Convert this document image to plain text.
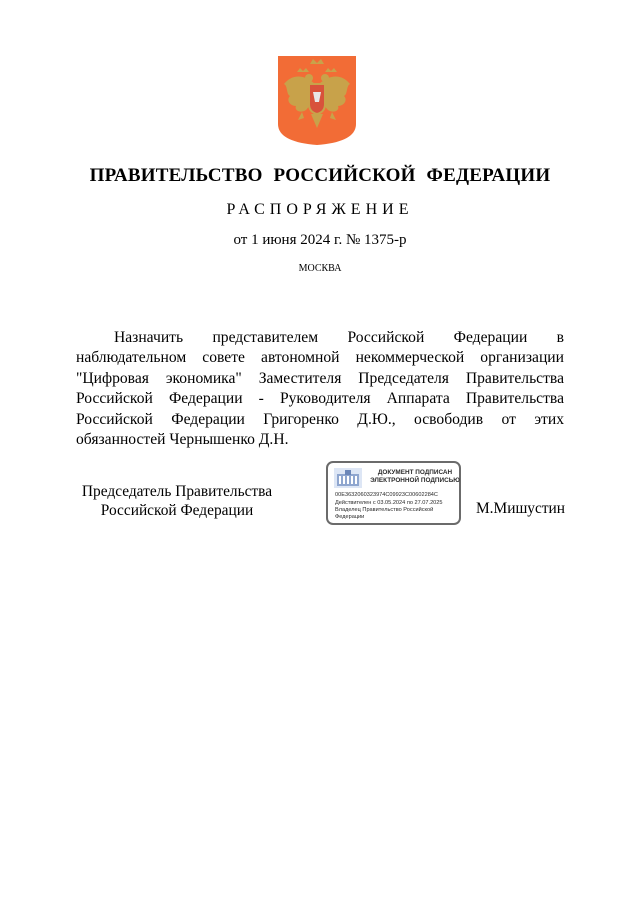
ПРАВИТЕЛЬСТВО РОССИЙСКОЙ ФЕДЕРАЦИИ
РАСПОРЯЖЕНИЕ
от 1 июня 2024 г. № 1375-р
МОСКВА

Назначить представителем Российской Федерации в наблюдательном совете автономной некоммерческой организации "Цифровая экономика" Заместителя Председателя Правительства Российской Федерации - Руководителя Аппарата Правительства Российской Федерации Григоренко Д.Ю., освободив от этих обязанностей Чернышенко Д.Н.

Председатель Правительства
Российской Федерации
ДОКУМЕНТ ПОДПИСАН
ЭЛЕКТРОННОЙ ПОДПИСЬЮ
00E3632060323974C09923C00602284C
Действителен с 03.05.2024 по 27.07.2025
Владелец Правительство Российской Федерации	М.Мишустин
